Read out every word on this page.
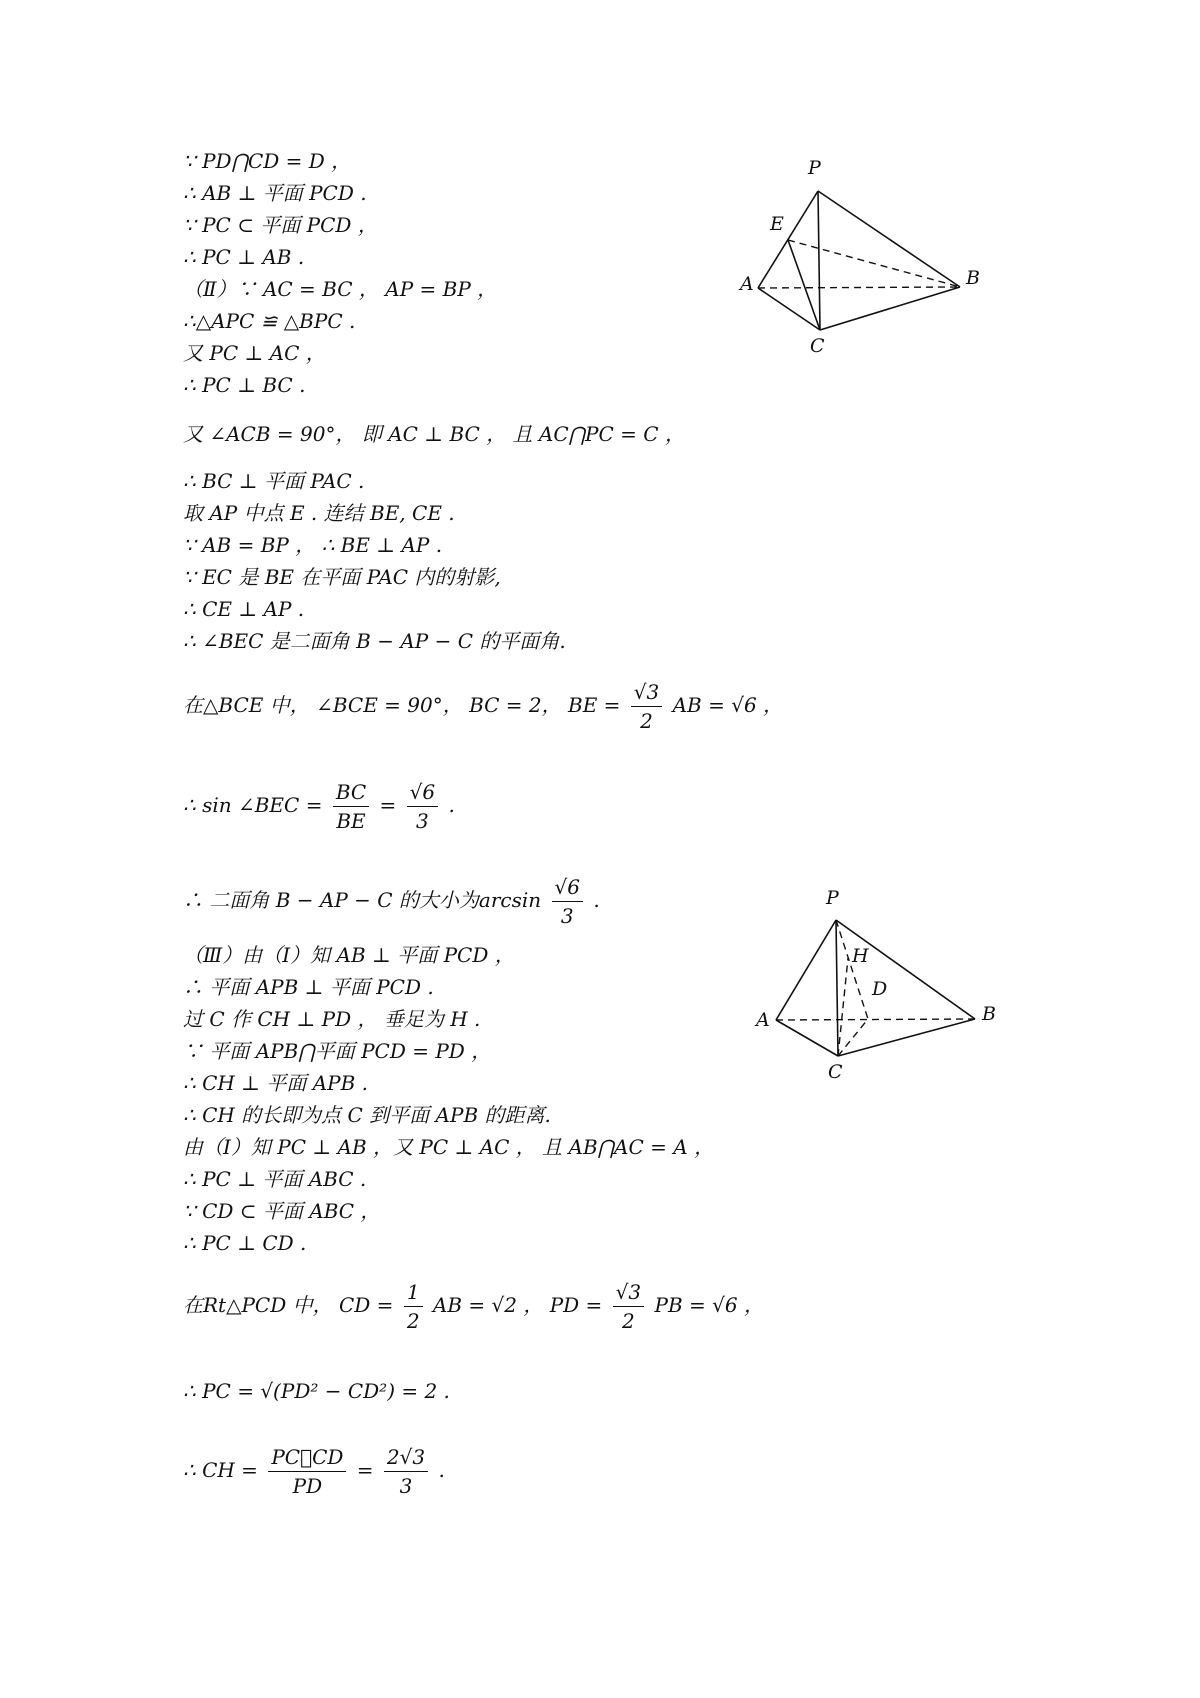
∵ PD⋂CD = D ，
∴ AB ⊥ 平面 PCD .
∵ PC ⊂ 平面 PCD ，
∴ PC ⊥ AB .
（Ⅱ）∵ AC = BC ， AP = BP ，
∴△APC ≌ △BPC .
又 PC ⊥ AC ，
∴ PC ⊥ BC .
又 ∠ACB = 90°， 即 AC ⊥ BC ， 且 AC⋂PC = C ，
∴ BC ⊥ 平面 PAC .
取 AP 中点 E . 连结 BE, CE .
∵ AB = BP ， ∴ BE ⊥ AP .
∵ EC 是 BE 在平面 PAC 内的射影,
∴ CE ⊥ AP .
∴ ∠BEC 是二面角 B − AP − C 的平面角.
在△BCE 中， ∠BCE = 90°， BC = 2， BE = $\frac{√3}{2}$ AB = √6 ，
∴ sin ∠BEC = $\frac{BC}{BE} = \frac{√6}{3}$ .
∴ 二面角 B − AP − C 的大小为$\arcsin \frac{√6}{3}$ .
（Ⅲ）由（Ⅰ）知 AB ⊥ 平面 PCD ，
∴ 平面 APB ⊥ 平面 PCD .
过 C 作 CH ⊥ PD ， 垂足为 H .
∵ 平面 APB⋂平面 PCD = PD ，
∴ CH ⊥ 平面 APB .
∴ CH 的长即为点 C 到平面 APB 的距离.
由（Ⅰ）知 PC ⊥ AB ，又 PC ⊥ AC ， 且 AB⋂AC = A ，
∴ PC ⊥ 平面 ABC .
∵ CD ⊂ 平面 ABC ，
∴ PC ⊥ CD .
在Rt△PCD 中， CD = $\frac{1}{2}$ AB = √2 ， PD = $\frac{√3}{2}$ PB = √6 ，
∴ PC = √(PD² − CD²) = 2 .
∴ CH = $\frac{PC⃞CD}{PD} = \frac{2√3}{3}$ .
P
E
A	B
C
P
H
D
A	B
C
